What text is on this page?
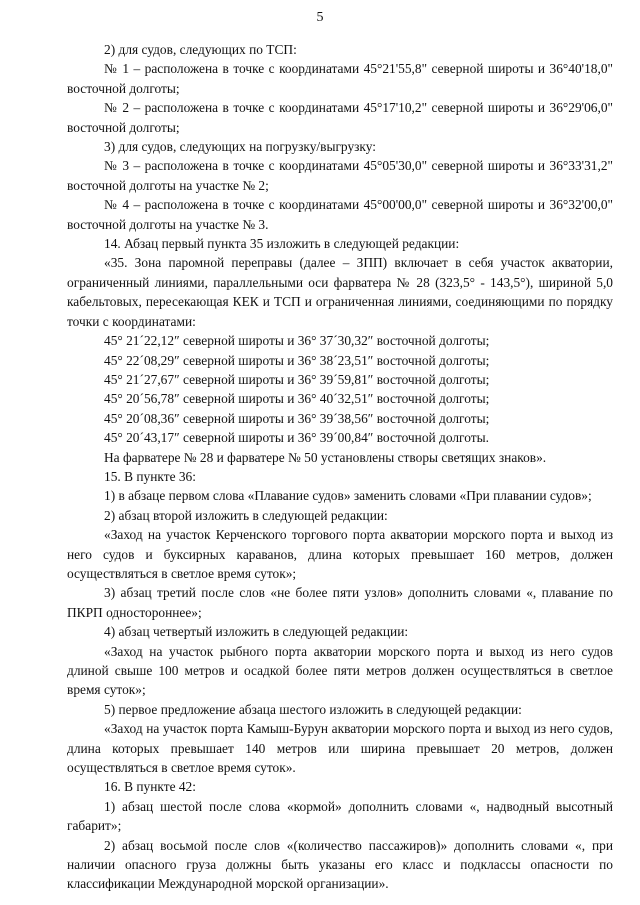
5

2) для судов, следующих по ТСП:

№ 1 – расположена в точке с координатами 45°21'55,8" северной широты и 36°40'18,0" восточной долготы;

№ 2 – расположена в точке с координатами 45°17'10,2" северной широты и 36°29'06,0" восточной долготы;

3) для судов, следующих на погрузку/выгрузку:

№ 3 – расположена в точке с координатами 45°05'30,0" северной широты и 36°33'31,2" восточной долготы на участке № 2;

№ 4 – расположена в точке с координатами 45°00'00,0" северной широты и 36°32'00,0" восточной долготы на участке № 3.

14. Абзац первый пункта 35 изложить в следующей редакции:

«35. Зона паромной переправы (далее – ЗПП) включает в себя участок акватории, ограниченный линиями, параллельными оси фарватера № 28 (323,5° - 143,5°), шириной 5,0 кабельтовых, пересекающая КЕК и ТСП и ограниченная линиями, соединяющими по порядку точки с координатами:

45° 21´22,12″ северной широты и 36° 37´30,32″ восточной долготы;

45° 22´08,29″ северной широты и 36° 38´23,51″ восточной долготы;

45° 21´27,67″ северной широты и 36° 39´59,81″ восточной долготы;

45° 20´56,78″ северной широты и 36° 40´32,51″ восточной долготы;

45° 20´08,36″ северной широты и 36° 39´38,56″ восточной долготы;

45° 20´43,17″ северной широты и 36° 39´00,84″ восточной долготы.

На фарватере № 28 и фарватере № 50 установлены створы светящих знаков».

15. В пункте 36:

1) в абзаце первом слова «Плавание судов» заменить словами «При плавании судов»;

2) абзац второй изложить в следующей редакции:

«Заход на участок Керченского торгового порта акватории морского порта и выход из него судов и буксирных караванов, длина которых превышает 160 метров, должен осуществляться в светлое время суток»;

3) абзац третий после слов «не более пяти узлов» дополнить словами «, плавание по ПКРП одностороннее»;

4) абзац четвертый изложить в следующей редакции:

«Заход на участок рыбного порта акватории морского порта и выход из него судов длиной свыше 100 метров и осадкой более пяти метров должен осуществляться в светлое время суток»;

5) первое предложение абзаца шестого изложить в следующей редакции:

«Заход на участок порта Камыш-Бурун акватории морского порта и выход из него судов, длина которых превышает 140 метров или ширина превышает 20 метров, должен осуществляться в светлое время суток».

16. В пункте 42:

1) абзац шестой после слова «кормой» дополнить словами «, надводный высотный габарит»;

2) абзац восьмой после слов «(количество пассажиров)» дополнить словами «, при наличии опасного груза должны быть указаны его класс и подклассы опасности по классификации Международной морской организации».
